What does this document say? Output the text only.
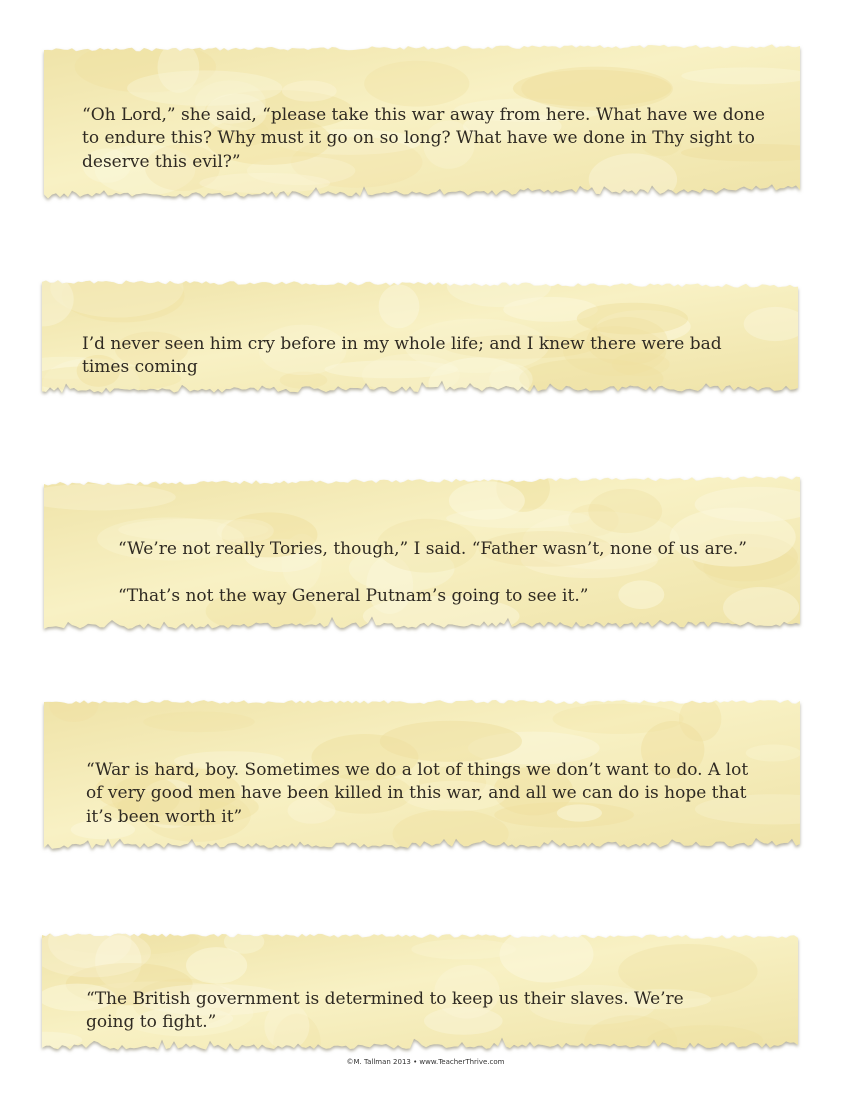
“Oh Lord,” she said, “please take this war away from here. What have we done to endure this? Why must it go on so long? What have we done in Thy sight to deserve this evil?”

I’d never seen him cry before in my whole life; and I knew there were bad times coming

“We’re not really Tories, though,” I said. “Father wasn’t, none of us are.”

“That’s not the way General Putnam’s going to see it.”

“War is hard, boy. Sometimes we do a lot of things we don’t want to do. A lot of very good men have been killed in this war, and all we can do is hope that it’s been worth it”

“The British government is determined to keep us their slaves. We’re going to fight.”

©M. Tallman 2013 • www.TeacherThrive.com
